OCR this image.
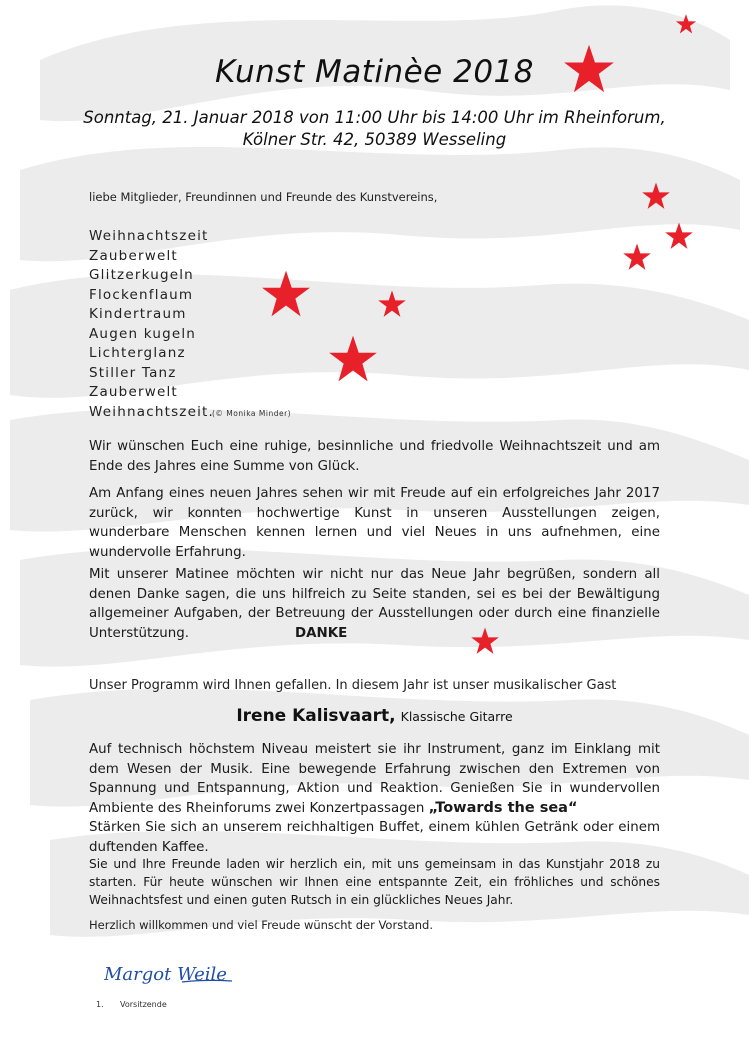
Kunst Matinèe 2018
Sonntag, 21. Januar 2018 von 11:00 Uhr bis 14:00 Uhr im Rheinforum,
Kölner Str. 42, 50389 Wesseling
liebe Mitglieder, Freundinnen und Freunde des Kunstvereins,
Weihnachtszeit
Zauberwelt
Glitzerkugeln
Flockenflaum
Kindertraum
Augen kugeln
Lichterglanz
Stiller Tanz
Zauberwelt
Weihnachtszeit.
(© Monika Minder)
Wir wünschen Euch eine ruhige, besinnliche und friedvolle Weihnachtszeit und am Ende des Jahres eine Summe von Glück.
Am Anfang eines neuen Jahres sehen wir mit Freude auf ein erfolgreiches Jahr 2017 zurück, wir konnten hochwertige Kunst in unseren Ausstellungen zeigen, wunderbare Menschen kennen lernen und viel Neues in uns aufnehmen, eine wundervolle Erfahrung.
Mit unserer Matinee möchten wir nicht nur das Neue Jahr begrüßen, sondern all denen Danke sagen, die uns hilfreich zu Seite standen, sei es bei der Bewältigung allgemeiner Aufgaben, der Betreuung der Ausstellungen oder durch eine finanzielle Unterstützung.	DANKE
Unser Programm wird Ihnen gefallen. In diesem Jahr ist unser musikalischer Gast
Irene Kalisvaart, Klassische Gitarre
Auf technisch höchstem Niveau meistert sie ihr Instrument, ganz im Einklang mit dem Wesen der Musik. Eine bewegende Erfahrung zwischen den Extremen von Spannung und Entspannung, Aktion und Reaktion. Genießen Sie in wundervollen Ambiente des Rheinforums zwei Konzertpassagen „Towards the sea“
Stärken Sie sich an unserem reichhaltigen Buffet, einem kühlen Getränk oder einem duftenden Kaffee.
Sie und Ihre Freunde laden wir herzlich ein, mit uns gemeinsam in das Kunstjahr 2018 zu starten. Für heute wünschen wir Ihnen eine entspannte Zeit, ein fröhliches und schönes Weihnachtsfest und einen guten Rutsch in ein glückliches Neues Jahr.
Herzlich willkommen und viel Freude wünscht der Vorstand.
Margot Weile
1. Vorsitzende
